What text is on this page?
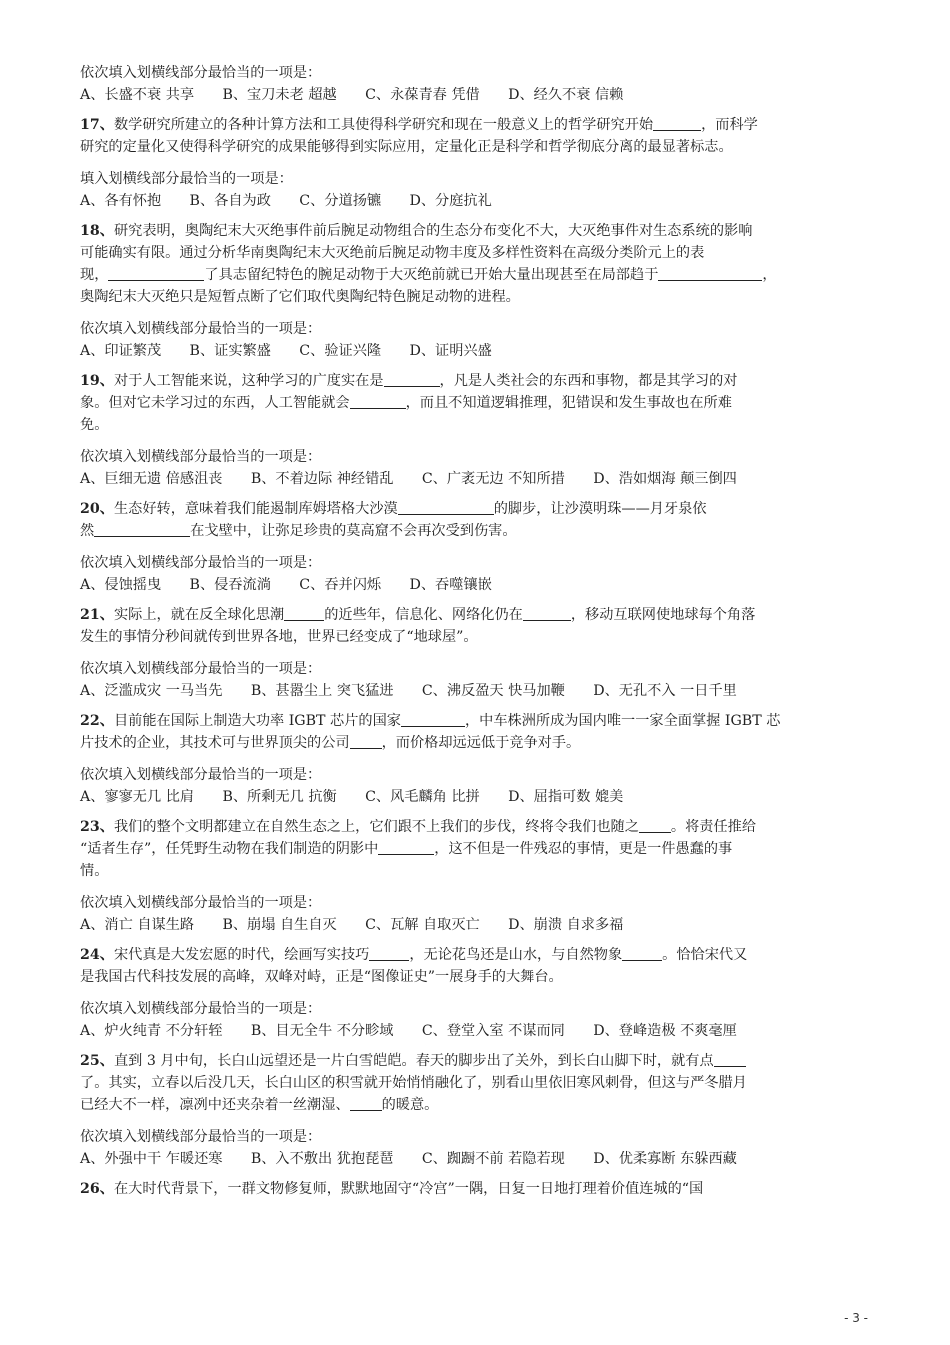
依次填入划横线部分最恰当的一项是：
A、长盛不衰 共享　　B、宝刀未老 超越　　C、永葆青春 凭借　　D、经久不衰 信赖
17、数学研究所建立的各种计算方法和工具使得科学研究和现在一般意义上的哲学研究开始	，而科学
研究的定量化又使得科学研究的成果能够得到实际应用，定量化正是科学和哲学彻底分离的最显著标志。
填入划横线部分最恰当的一项是：
A、各有怀抱　　B、各自为政　　C、分道扬镳　　D、分庭抗礼
18、研究表明，奥陶纪末大灭绝事件前后腕足动物组合的生态分布变化不大，大灭绝事件对生态系统的影响
可能确实有限。通过分析华南奥陶纪末大灭绝前后腕足动物丰度及多样性资料在高级分类阶元上的表
现，	了具志留纪特色的腕足动物于大灭绝前就已开始大量出现甚至在局部趋于	，
奥陶纪末大灭绝只是短暂点断了它们取代奥陶纪特色腕足动物的进程。
依次填入划横线部分最恰当的一项是：
A、印证繁茂　　B、证实繁盛　　C、验证兴隆　　D、证明兴盛
19、对于人工智能来说，这种学习的广度实在是	，凡是人类社会的东西和事物，都是其学习的对
象。但对它未学习过的东西，人工智能就会	，而且不知道逻辑推理，犯错误和发生事故也在所难
免。
依次填入划横线部分最恰当的一项是：
A、巨细无遗 倍感沮丧　　B、不着边际 神经错乱　　C、广袤无边 不知所措　　D、浩如烟海 颠三倒四
20、生态好转，意味着我们能遏制库姆塔格大沙漠	的脚步，让沙漠明珠——月牙泉依
然	在戈壁中，让弥足珍贵的莫高窟不会再次受到伤害。
依次填入划横线部分最恰当的一项是：
A、侵蚀摇曳　　B、侵吞流淌　　C、吞并闪烁　　D、吞噬镶嵌
21、实际上，就在反全球化思潮	的近些年，信息化、网络化仍在	，移动互联网使地球每个角落
发生的事情分秒间就传到世界各地，世界已经变成了“地球屋”。
依次填入划横线部分最恰当的一项是：
A、泛滥成灾 一马当先　　B、甚嚣尘上 突飞猛进　　C、沸反盈天 快马加鞭　　D、无孔不入 一日千里
22、目前能在国际上制造大功率 IGBT 芯片的国家	，中车株洲所成为国内唯一一家全面掌握 IGBT 芯
片技术的企业，其技术可与世界顶尖的公司 ，而价格却远远低于竞争对手。
依次填入划横线部分最恰当的一项是：
A、寥寥无几 比肩　　B、所剩无几 抗衡　　C、风毛麟角 比拼　　D、屈指可数 媲美
23、我们的整个文明都建立在自然生态之上，它们跟不上我们的步伐，终将令我们也随之 。将责任推给
“适者生存”，任凭野生动物在我们制造的阴影中	，这不但是一件残忍的事情，更是一件愚蠢的事
情。
依次填入划横线部分最恰当的一项是：
A、消亡 自谋生路　　B、崩塌 自生自灭　　C、瓦解 自取灭亡　　D、崩溃 自求多福
24、宋代真是大发宏愿的时代，绘画写实技巧	，无论花鸟还是山水，与自然物象	。恰恰宋代又
是我国古代科技发展的高峰，双峰对峙，正是“图像证史”一展身手的大舞台。
依次填入划横线部分最恰当的一项是：
A、炉火纯青 不分轩轾　　B、目无全牛 不分畛域　　C、登堂入室 不谋而同　　D、登峰造极 不爽毫厘
25、直到 3 月中旬，长白山远望还是一片白雪皑皑。春天的脚步出了关外，到长白山脚下时，就有点
了。其实，立春以后没几天，长白山区的积雪就开始悄悄融化了，别看山里依旧寒风刺骨，但这与严冬腊月
已经大不一样，凛冽中还夹杂着一丝潮湿、 的暖意。
依次填入划横线部分最恰当的一项是：
A、外强中干 乍暖还寒　　B、入不敷出 犹抱琵琶　　C、踟蹰不前 若隐若现　　D、优柔寡断 东躲西藏
26、在大时代背景下，一群文物修复师，默默地固守“冷宫”一隅，日复一日地打理着价值连城的“国
- 3 -
